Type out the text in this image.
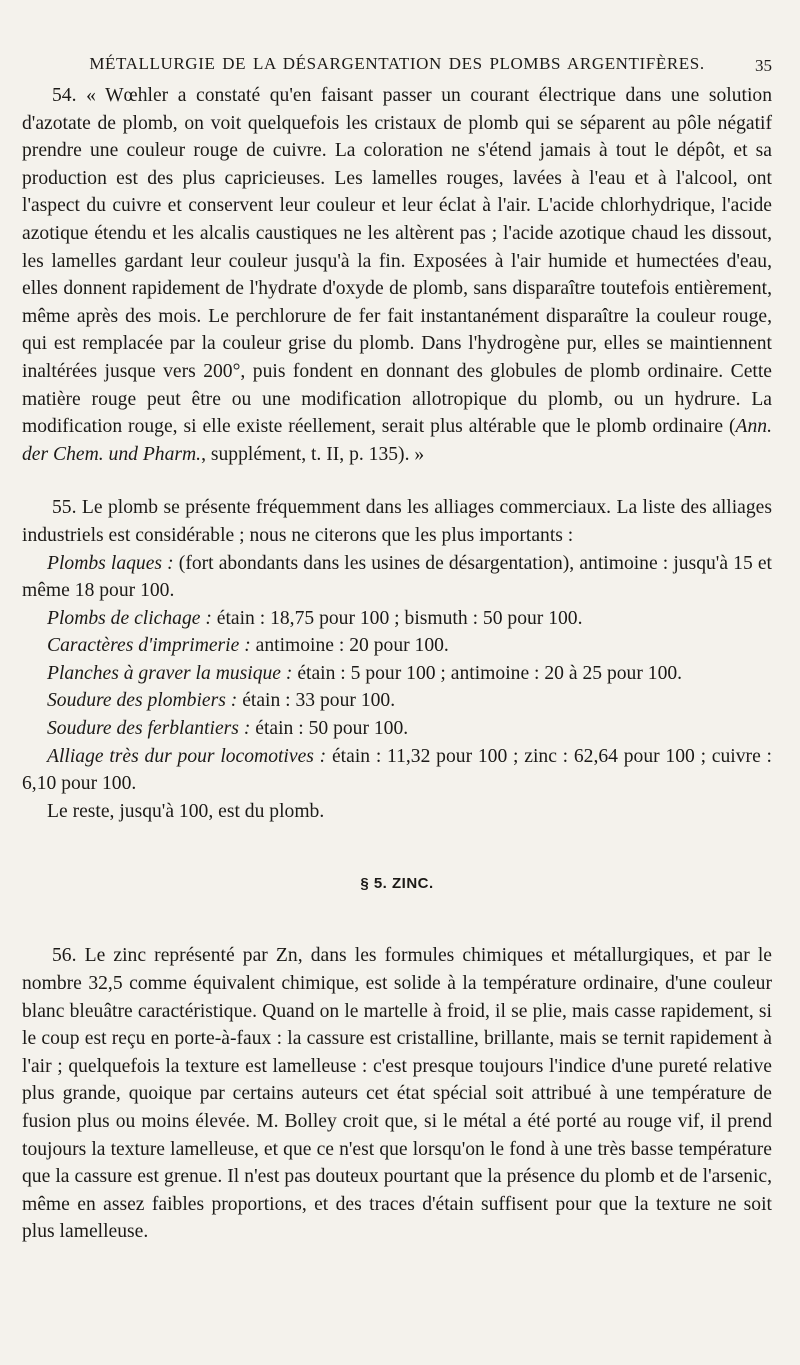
MÉTALLURGIE DE LA DÉSARGENTATION DES PLOMBS ARGENTIFÈRES.	35

54. « Wœhler a constaté qu'en faisant passer un courant électrique dans une solution d'azotate de plomb, on voit quelquefois les cristaux de plomb qui se séparent au pôle négatif prendre une couleur rouge de cuivre. La coloration ne s'étend jamais à tout le dépôt, et sa production est des plus capricieuses. Les lamelles rouges, lavées à l'eau et à l'alcool, ont l'aspect du cuivre et conservent leur couleur et leur éclat à l'air. L'acide chlorhydrique, l'acide azotique étendu et les alcalis caustiques ne les altèrent pas ; l'acide azotique chaud les dissout, les lamelles gardant leur couleur jusqu'à la fin. Exposées à l'air humide et humectées d'eau, elles donnent rapidement de l'hydrate d'oxyde de plomb, sans disparaître toutefois entièrement, même après des mois. Le perchlorure de fer fait instantanément disparaître la couleur rouge, qui est remplacée par la couleur grise du plomb. Dans l'hydrogène pur, elles se maintiennent inaltérées jusque vers 200°, puis fondent en donnant des globules de plomb ordinaire. Cette matière rouge peut être ou une modification allotropique du plomb, ou un hydrure. La modification rouge, si elle existe réellement, serait plus altérable que le plomb ordinaire (Ann. der Chem. und Pharm., supplément, t. II, p. 135). »

55. Le plomb se présente fréquemment dans les alliages commerciaux. La liste des alliages industriels est considérable ; nous ne citerons que les plus importants :

Plombs laques : (fort abondants dans les usines de désargentation), antimoine : jusqu'à 15 et même 18 pour 100.

Plombs de clichage : étain : 18,75 pour 100 ; bismuth : 50 pour 100.

Caractères d'imprimerie : antimoine : 20 pour 100.

Planches à graver la musique : étain : 5 pour 100 ; antimoine : 20 à 25 pour 100.

Soudure des plombiers : étain : 33 pour 100.

Soudure des ferblantiers : étain : 50 pour 100.

Alliage très dur pour locomotives : étain : 11,32 pour 100 ; zinc : 62,64 pour 100 ; cuivre : 6,10 pour 100.

Le reste, jusqu'à 100, est du plomb.

§ 5. ZINC.

56. Le zinc représenté par Zn, dans les formules chimiques et métallurgiques, et par le nombre 32,5 comme équivalent chimique, est solide à la température ordinaire, d'une couleur blanc bleuâtre caractéristique. Quand on le martelle à froid, il se plie, mais casse rapidement, si le coup est reçu en porte-à-faux : la cassure est cristalline, brillante, mais se ternit rapidement à l'air ; quelquefois la texture est lamelleuse : c'est presque toujours l'indice d'une pureté relative plus grande, quoique par certains auteurs cet état spécial soit attribué à une température de fusion plus ou moins élevée. M. Bolley croit que, si le métal a été porté au rouge vif, il prend toujours la texture lamelleuse, et que ce n'est que lorsqu'on le fond à une très basse température que la cassure est grenue. Il n'est pas douteux pourtant que la présence du plomb et de l'arsenic, même en assez faibles proportions, et des traces d'étain suffisent pour que la texture ne soit plus lamelleuse.
